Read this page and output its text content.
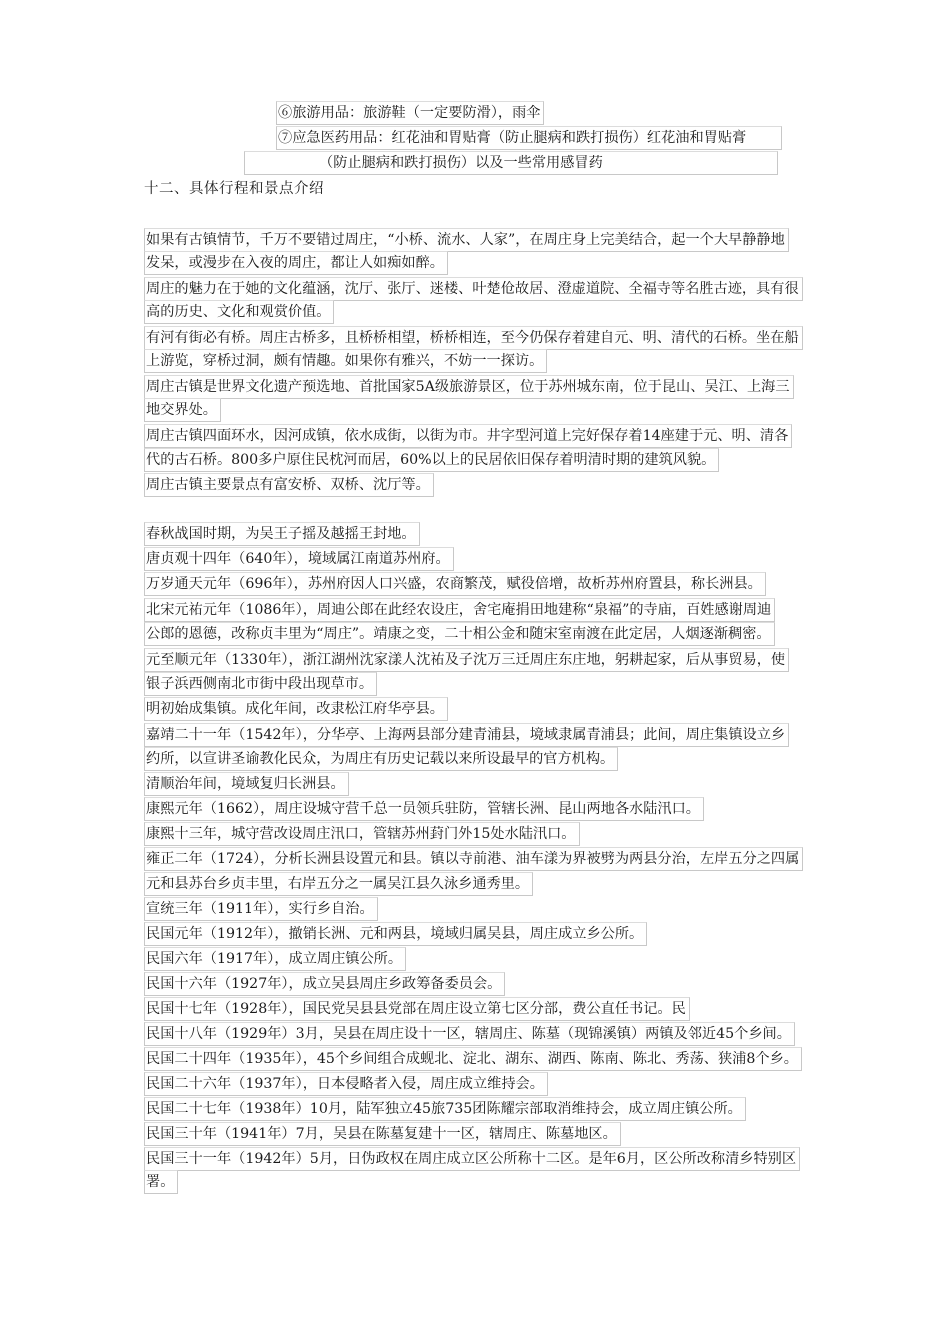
⑥旅游用品：旅游鞋（一定要防滑），雨伞
⑦应急医药用品：红花油和胃贴膏（防止腿病和跌打损伤）红花油和胃贴膏
（防止腿病和跌打损伤）以及一些常用感冒药
十二、具体行程和景点介绍
如果有古镇情节，千万不要错过周庄，“小桥、流水、人家”，在周庄身上完美结合，起一个大早静静地
发呆，或漫步在入夜的周庄，都让人如痴如醉。
周庄的魅力在于她的文化蕴涵，沈厅、张厅、迷楼、叶楚伧故居、澄虚道院、全福寺等名胜古迹，具有很
高的历史、文化和观赏价值。
有河有街必有桥。周庄古桥多，且桥桥相望，桥桥相连，至今仍保存着建自元、明、清代的石桥。坐在船
上游览，穿桥过洞，颇有情趣。如果你有雅兴，不妨一一探访。
周庄古镇是世界文化遗产预选地、首批国家5A级旅游景区，位于苏州城东南，位于昆山、吴江、上海三
地交界处。
周庄古镇四面环水，因河成镇，依水成街，以街为市。井字型河道上完好保存着14座建于元、明、清各
代的古石桥。800多户原住民枕河而居，60%以上的民居依旧保存着明清时期的建筑风貌。
周庄古镇主要景点有富安桥、双桥、沈厅等。
春秋战国时期，为吴王子摇及越摇王封地。
唐贞观十四年（640年），境域属江南道苏州府。
万岁通天元年（696年），苏州府因人口兴盛，农商繁茂，赋役倍增，故析苏州府置县，称长洲县。
北宋元祐元年（1086年），周迪公郎在此经农设庄，舍宅庵捐田地建称“泉福”的寺庙，百姓感谢周迪
公郎的恩德，改称贞丰里为“周庄”。靖康之变，二十相公金和随宋室南渡在此定居，人烟逐渐稠密。
元至顺元年（1330年），浙江湖州沈家漾人沈祐及子沈万三迁周庄东庄地，躬耕起家，后从事贸易，使
银子浜西侧南北市街中段出现草市。
明初始成集镇。成化年间，改隶松江府华亭县。
嘉靖二十一年（1542年），分华亭、上海两县部分建青浦县，境域隶属青浦县；此间，周庄集镇设立乡
约所，以宣讲圣谕教化民众，为周庄有历史记载以来所设最早的官方机构。
清顺治年间，境域复归长洲县。
康熙元年（1662），周庄设城守营千总一员领兵驻防，管辖长洲、昆山两地各水陆汛口。
康熙十三年，城守营改设周庄汛口，管辖苏州葑门外15处水陆汛口。
雍正二年（1724），分析长洲县设置元和县。镇以寺前港、油车漾为界被劈为两县分治，左岸五分之四属
元和县苏台乡贞丰里，右岸五分之一属吴江县久泳乡通秀里。
宣统三年（1911年），实行乡自治。
民国元年（1912年），撤销长洲、元和两县，境域归属吴县，周庄成立乡公所。
民国六年（1917年），成立周庄镇公所。
民国十六年（1927年），成立吴县周庄乡政筹备委员会。
民国十七年（1928年），国民党吴县县党部在周庄设立第七区分部，费公直任书记。民
民国十八年（1929年）3月，吴县在周庄设十一区，辖周庄、陈墓（现锦溪镇）两镇及邻近45个乡间。
民国二十四年（1935年），45个乡间组合成蚬北、淀北、湖东、湖西、陈南、陈北、秀荡、狭浦8个乡。
民国二十六年（1937年），日本侵略者入侵，周庄成立维持会。
民国二十七年（1938年）10月，陆军独立45旅735团陈耀宗部取消维持会，成立周庄镇公所。
民国三十年（1941年）7月，吴县在陈墓复建十一区，辖周庄、陈墓地区。
民国三十一年（1942年）5月，日伪政权在周庄成立区公所称十二区。是年6月，区公所改称清乡特别区
署。
